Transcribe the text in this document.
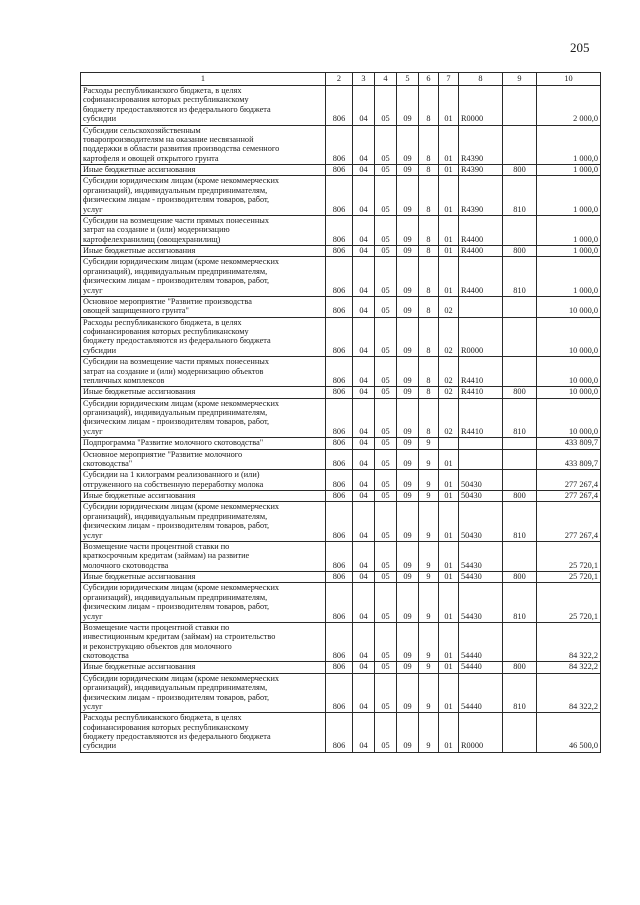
205
1	2	3	4	5	6	7	8	9	10

Расходы республиканского бюджета, в целях
софинансирования которых республиканскому
бюджету предоставляются из федерального бюджета
субсидии	806	04	05	09	8	01	R0000		2 000,0

Субсидии сельскохозяйственным
товаропроизводителям на оказание несвязанной
поддержки в области развития производства семенного
картофеля и овощей открытого грунта	806	04	05	09	8	01	R4390		1 000,0

Иные бюджетные ассигнования	806	04	05	09	8	01	R4390	800	1 000,0

Субсидии юридическим лицам (кроме некоммерческих
организаций), индивидуальным предпринимателям,
физическим лицам - производителям товаров, работ,
услуг	806	04	05	09	8	01	R4390	810	1 000,0

Субсидии на возмещение части прямых понесенных
затрат на создание и (или) модернизацию
картофелехранилищ (овощехранилищ)	806	04	05	09	8	01	R4400		1 000,0

Иные бюджетные ассигнования	806	04	05	09	8	01	R4400	800	1 000,0

Субсидии юридическим лицам (кроме некоммерческих
организаций), индивидуальным предпринимателям,
физическим лицам - производителям товаров, работ,
услуг	806	04	05	09	8	01	R4400	810	1 000,0

Основное мероприятие "Развитие производства
овощей защищенного грунта"	806	04	05	09	8	02			10 000,0

Расходы республиканского бюджета, в целях
софинансирования которых республиканскому
бюджету предоставляются из федерального бюджета
субсидии	806	04	05	09	8	02	R0000		10 000,0

Субсидии на возмещение части прямых понесенных
затрат на создание и (или) модернизацию объектов
тепличных комплексов	806	04	05	09	8	02	R4410		10 000,0

Иные бюджетные ассигнования	806	04	05	09	8	02	R4410	800	10 000,0

Субсидии юридическим лицам (кроме некоммерческих
организаций), индивидуальным предпринимателям,
физическим лицам - производителям товаров, работ,
услуг	806	04	05	09	8	02	R4410	810	10 000,0

Подпрограмма "Развитие молочного скотоводства"	806	04	05	09	9				433 809,7

Основное мероприятие "Развитие молочного
скотоводства"	806	04	05	09	9	01			433 809,7

Субсидии на 1 килограмм реализованного и (или)
отгруженного на собственную переработку молока	806	04	05	09	9	01	50430		277 267,4

Иные бюджетные ассигнования	806	04	05	09	9	01	50430	800	277 267,4

Субсидии юридическим лицам (кроме некоммерческих
организаций), индивидуальным предпринимателям,
физическим лицам - производителям товаров, работ,
услуг	806	04	05	09	9	01	50430	810	277 267,4

Возмещение части процентной ставки по
краткосрочным кредитам (займам) на развитие
молочного скотоводства	806	04	05	09	9	01	54430		25 720,1

Иные бюджетные ассигнования	806	04	05	09	9	01	54430	800	25 720,1

Субсидии юридическим лицам (кроме некоммерческих
организаций), индивидуальным предпринимателям,
физическим лицам - производителям товаров, работ,
услуг	806	04	05	09	9	01	54430	810	25 720,1

Возмещение части процентной ставки по
инвестиционным кредитам (займам) на строительство
и реконструкцию объектов для молочного
скотоводства	806	04	05	09	9	01	54440		84 322,2

Иные бюджетные ассигнования	806	04	05	09	9	01	54440	800	84 322,2

Субсидии юридическим лицам (кроме некоммерческих
организаций), индивидуальным предпринимателям,
физическим лицам - производителям товаров, работ,
услуг	806	04	05	09	9	01	54440	810	84 322,2

Расходы республиканского бюджета, в целях
софинансирования которых республиканскому
бюджету предоставляются из федерального бюджета
субсидии	806	04	05	09	9	01	R0000		46 500,0
